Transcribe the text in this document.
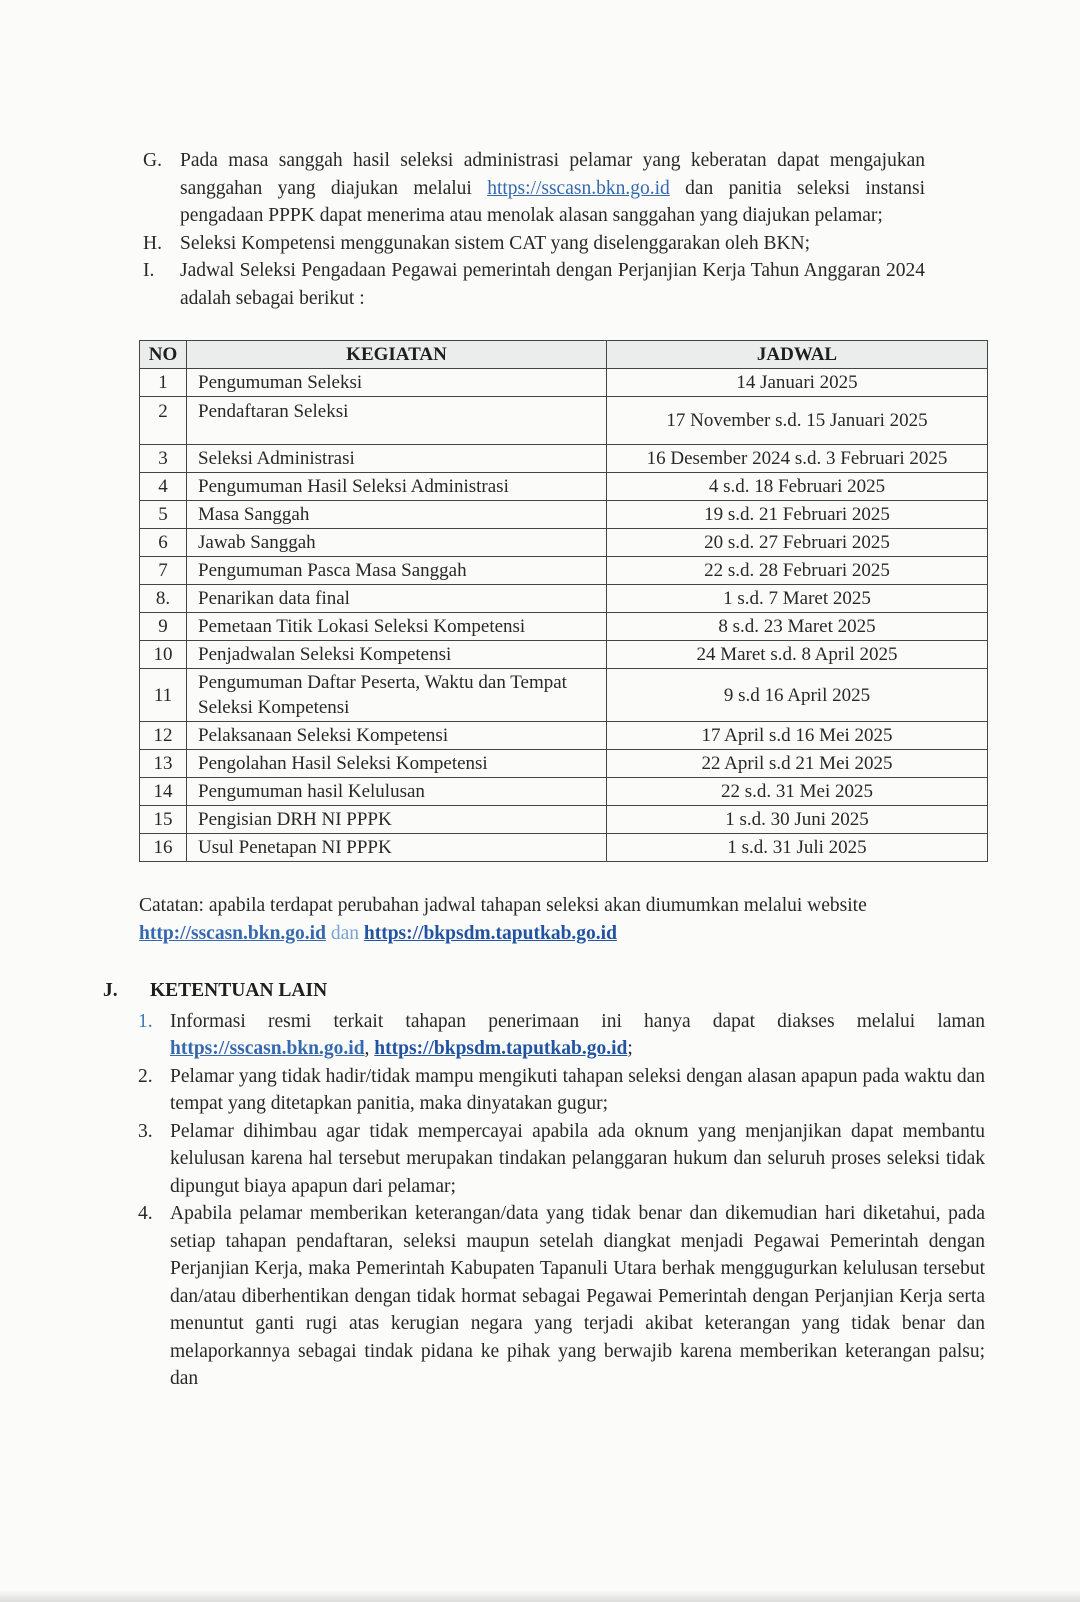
G. Pada masa sanggah hasil seleksi administrasi pelamar yang keberatan dapat mengajukan sanggahan yang diajukan melalui https://sscasn.bkn.go.id dan panitia seleksi instansi pengadaan PPPK dapat menerima atau menolak alasan sanggahan yang diajukan pelamar;
H. Seleksi Kompetensi menggunakan sistem CAT yang diselenggarakan oleh BKN;
I.	Jadwal Seleksi Pengadaan Pegawai pemerintah dengan Perjanjian Kerja Tahun Anggaran 2024 adalah sebagai berikut :
NO	KEGIATAN	JADWAL
1	Pengumuman Seleksi	14 Januari 2025
2	Pendaftaran Seleksi	17 November s.d. 15 Januari 2025
3	Seleksi Administrasi	16 Desember 2024 s.d. 3 Februari 2025
4	Pengumuman Hasil Seleksi Administrasi	4 s.d. 18 Februari 2025
5	Masa Sanggah	19 s.d. 21 Februari 2025
6	Jawab Sanggah	20 s.d. 27 Februari 2025
7	Pengumuman Pasca Masa Sanggah	22 s.d. 28 Februari 2025
8.	Penarikan data final	1 s.d. 7 Maret 2025
9	Pemetaan Titik Lokasi Seleksi Kompetensi	8 s.d. 23 Maret 2025
10	Penjadwalan Seleksi Kompetensi	24 Maret s.d. 8 April 2025
11	Pengumuman Daftar Peserta, Waktu dan Tempat Seleksi Kompetensi	9 s.d 16 April 2025
12	Pelaksanaan Seleksi Kompetensi	17 April s.d 16 Mei 2025
13	Pengolahan Hasil Seleksi Kompetensi	22 April s.d 21 Mei 2025
14	Pengumuman hasil Kelulusan	22 s.d. 31 Mei 2025
15	Pengisian DRH NI PPPK	1 s.d. 30 Juni 2025
16	Usul Penetapan NI PPPK	1 s.d. 31 Juli 2025

Catatan: apabila terdapat perubahan jadwal tahapan seleksi akan diumumkan melalui website http://sscasn.bkn.go.id dan https://bkpsdm.taputkab.go.id

J.	KETENTUAN LAIN
1. Informasi resmi terkait tahapan penerimaan ini hanya dapat diakses melalui laman https://sscasn.bkn.go.id, https://bkpsdm.taputkab.go.id;
2. Pelamar yang tidak hadir/tidak mampu mengikuti tahapan seleksi dengan alasan apapun pada waktu dan tempat yang ditetapkan panitia, maka dinyatakan gugur;
3. Pelamar dihimbau agar tidak mempercayai apabila ada oknum yang menjanjikan dapat membantu kelulusan karena hal tersebut merupakan tindakan pelanggaran hukum dan seluruh proses seleksi tidak dipungut biaya apapun dari pelamar;
4. Apabila pelamar memberikan keterangan/data yang tidak benar dan dikemudian hari diketahui, pada setiap tahapan pendaftaran, seleksi maupun setelah diangkat menjadi Pegawai Pemerintah dengan Perjanjian Kerja, maka Pemerintah Kabupaten Tapanuli Utara berhak menggugurkan kelulusan tersebut dan/atau diberhentikan dengan tidak hormat sebagai Pegawai Pemerintah dengan Perjanjian Kerja serta menuntut ganti rugi atas kerugian negara yang terjadi akibat keterangan yang tidak benar dan melaporkannya sebagai tindak pidana ke pihak yang berwajib karena memberikan keterangan palsu; dan
